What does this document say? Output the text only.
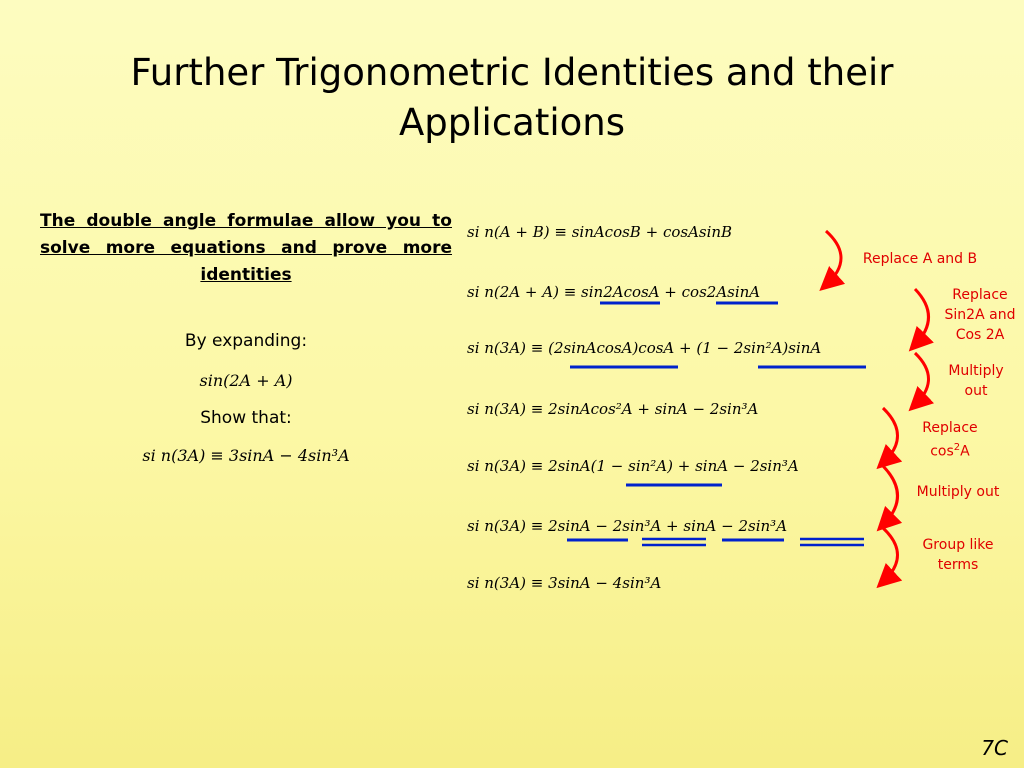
Further Trigonometric Identities and their Applications

The double angle formulae allow you to solve more equations and prove more identities

By expanding:

sin(2A + A)

Show that:

si n(3A) ≡ 3sinA − 4sin³A
si n(A + B) ≡ sinAcosB + cosAsinB
si n(2A + A) ≡ sin2AcosA + cos2AsinA
si n(3A) ≡ (2sinAcosA)cosA + (1 − 2sin²A)sinA
si n(3A) ≡ 2sinAcos²A + sinA − 2sin³A
si n(3A) ≡ 2sinA(1 − sin²A) + sinA − 2sin³A
si n(3A) ≡ 2sinA − 2sin³A + sinA − 2sin³A
si n(3A) ≡ 3sinA − 4sin³A
Replace A and B
Replace Sin2A and Cos 2A
Multiply out
Replace $\cos^2A$
Multiply out
Group like terms
7C
